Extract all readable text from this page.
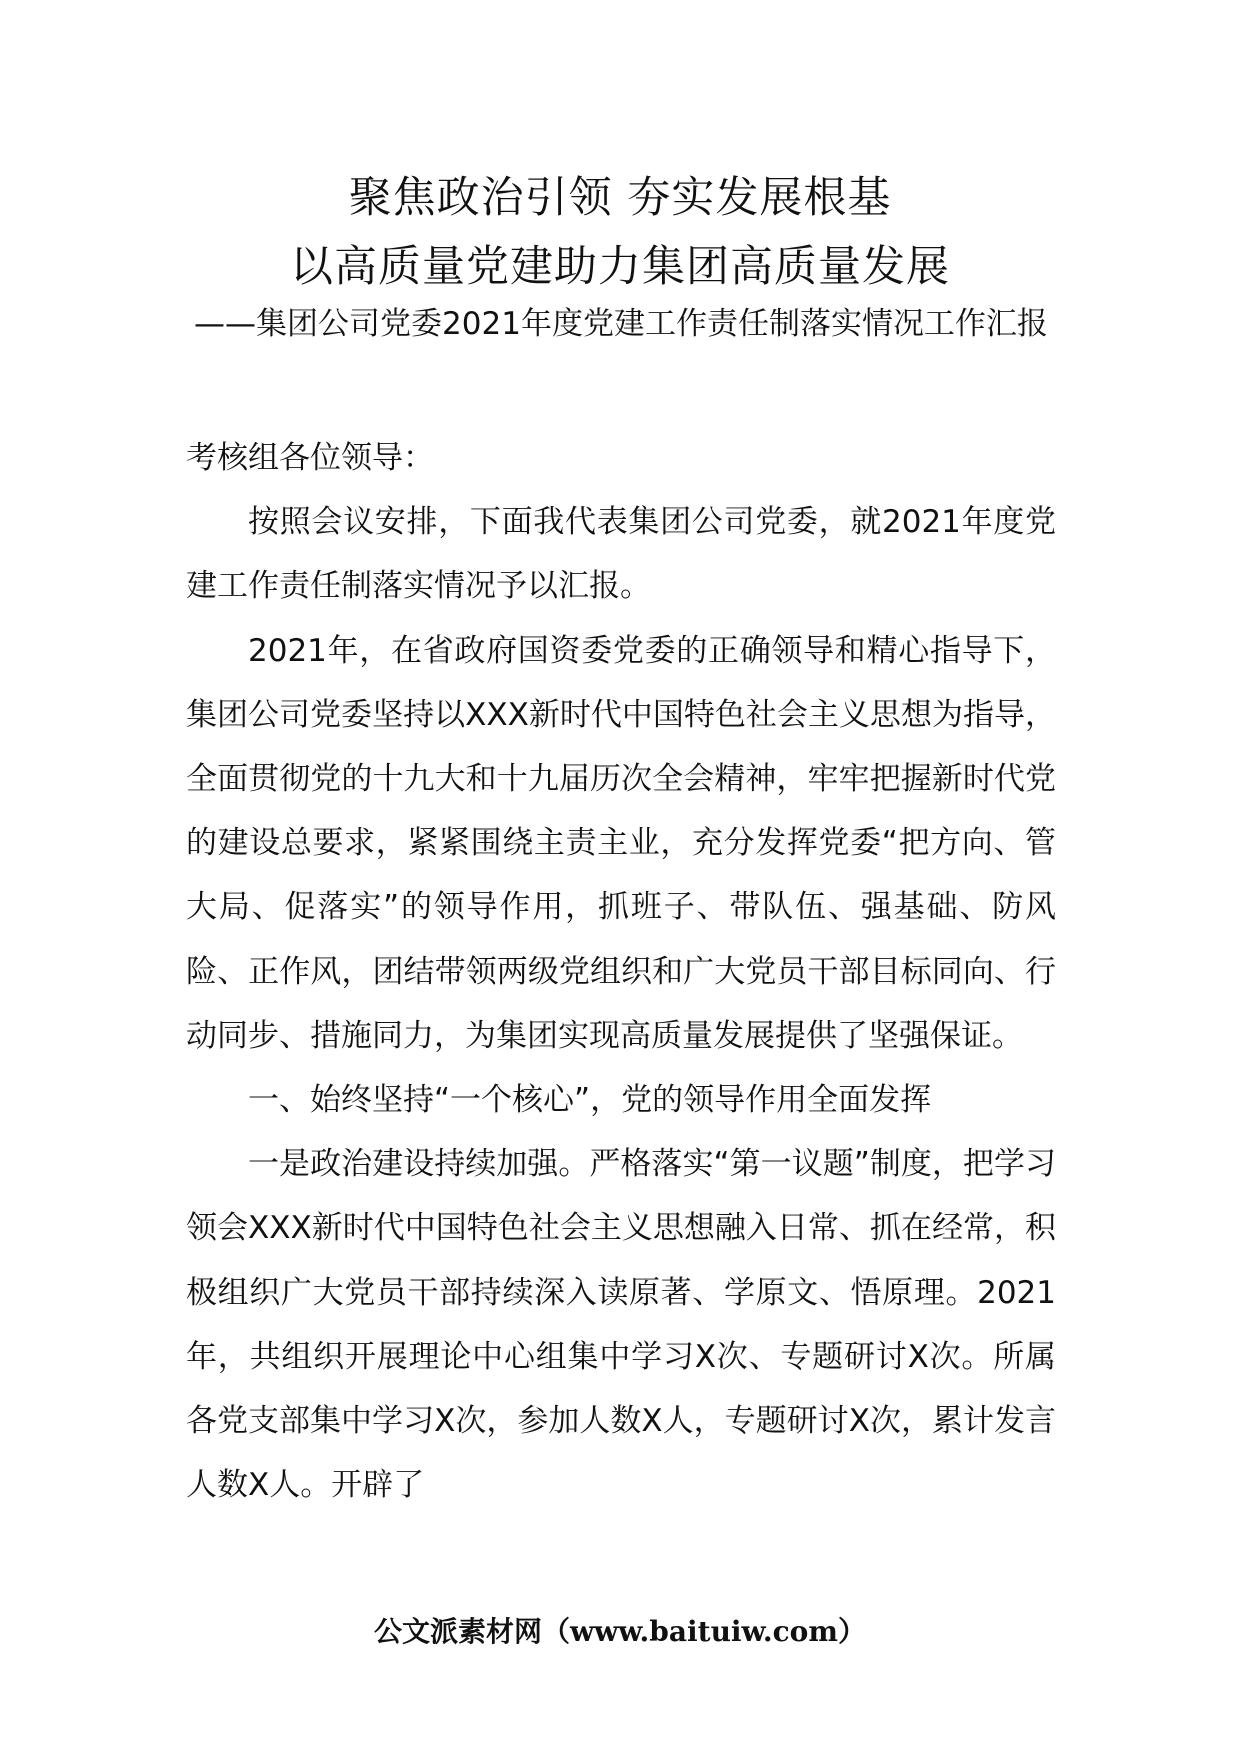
聚焦政治引领 夯实发展根基
以高质量党建助力集团高质量发展
——集团公司党委2021年度党建工作责任制落实情况工作汇报

考核组各位领导：

按照会议安排，下面我代表集团公司党委，就2021年度党建工作责任制落实情况予以汇报。

2021年，在省政府国资委党委的正确领导和精心指导下，集团公司党委坚持以XXX新时代中国特色社会主义思想为指导，全面贯彻党的十九大和十九届历次全会精神，牢牢把握新时代党的建设总要求，紧紧围绕主责主业，充分发挥党委“把方向、管大局、促落实”的领导作用，抓班子、带队伍、强基础、防风险、正作风，团结带领两级党组织和广大党员干部目标同向、行动同步、措施同力，为集团实现高质量发展提供了坚强保证。

一、始终坚持“一个核心”，党的领导作用全面发挥

一是政治建设持续加强。严格落实“第一议题”制度，把学习领会XXX新时代中国特色社会主义思想融入日常、抓在经常，积极组织广大党员干部持续深入读原著、学原文、悟原理。2021年，共组织开展理论中心组集中学习X次、专题研讨X次。所属各党支部集中学习X次，参加人数X人，专题研讨X次，累计发言人数X人。开辟了

公文派素材网（www.baituiw.com）
